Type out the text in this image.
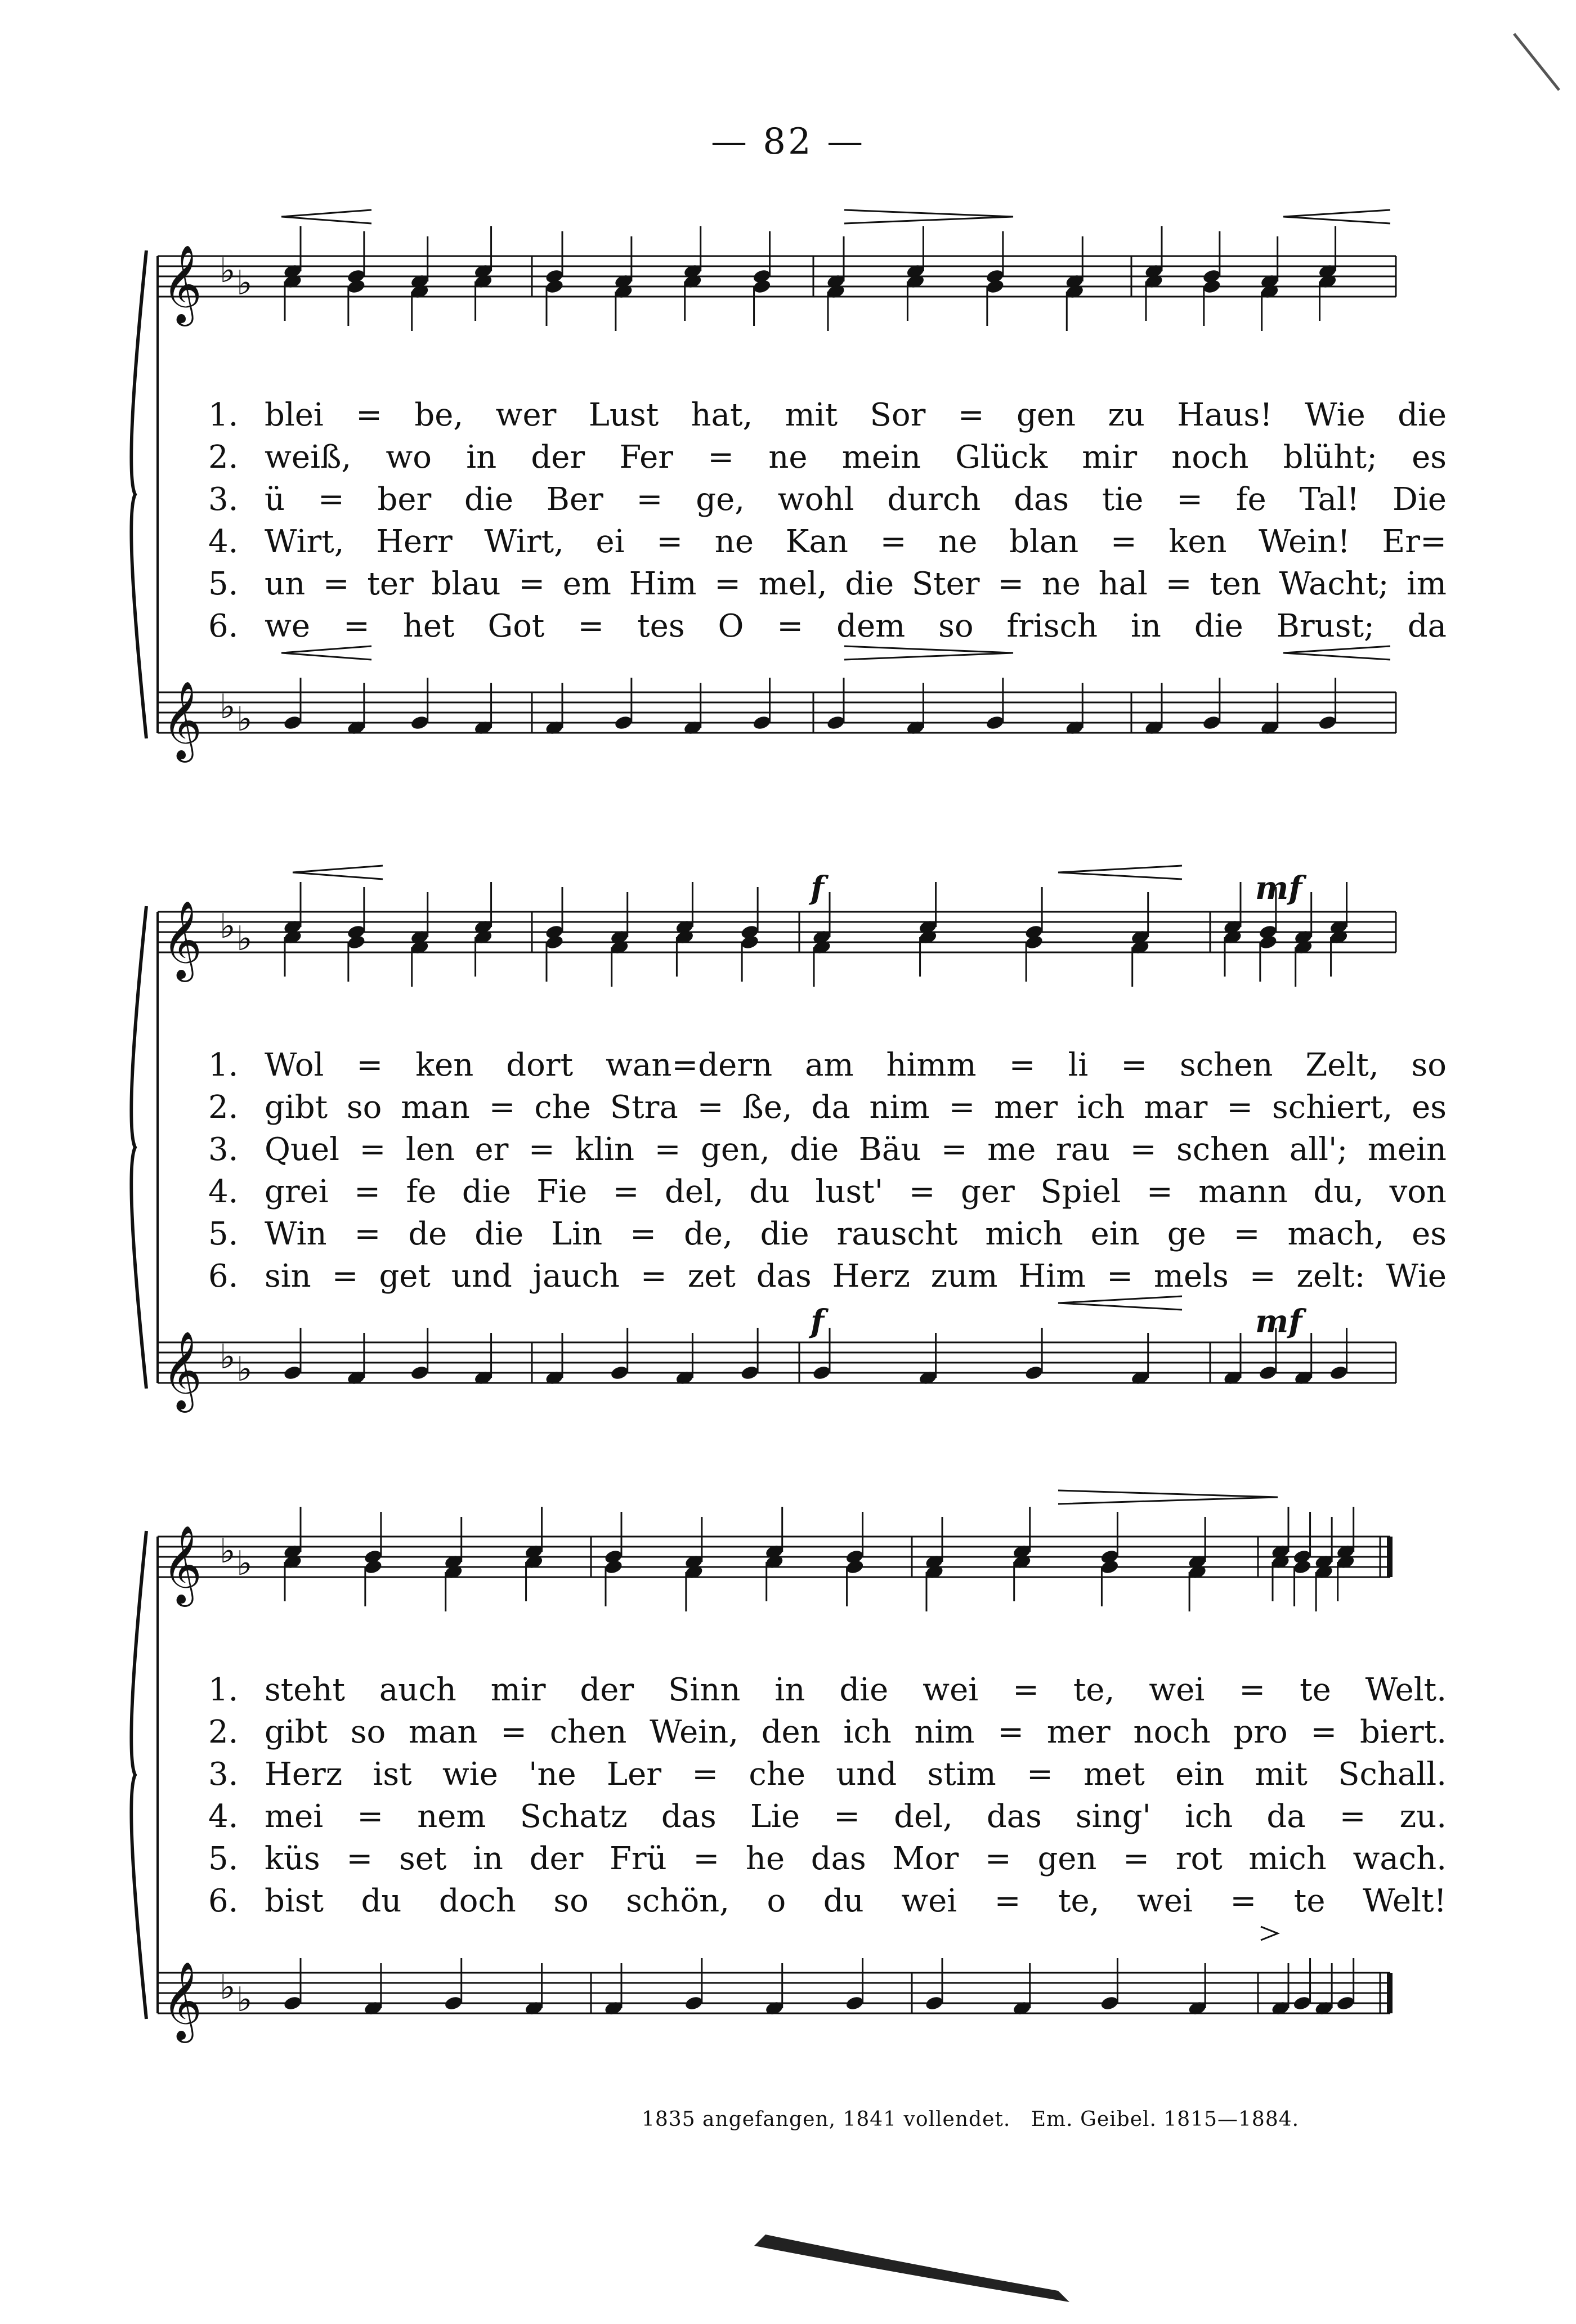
— 82 —
𝄞 ♭ ♭
𝄞 ♭ ♭
𝄞 ♭ ♭
𝄞 ♭ ♭
𝄞 ♭ ♭
𝄞 ♭ ♭
1. blei = be, wer Lust hat, mit Sor = gen zu Haus! Wie die
2. weiß, wo in der Fer = ne mein Glück mir noch blüht; es
3. ü = ber die Ber = ge, wohl durch das tie = fe Tal! Die
4. Wirt, Herr Wirt, ei = ne Kan = ne blan = ken Wein! Er=
5. un = ter blau = em Him = mel, die Ster = ne hal = ten Wacht; im
6. we = het Got = tes O = dem so frisch in die Brust; da
1. Wol = ken dort wan=dern am himm = li = schen Zelt, so
2. gibt so man = che Stra = ße, da nim = mer ich mar = schiert, es
3. Quel = len er = klin = gen, die Bäu = me rau = schen all'; mein
4. grei = fe die Fie = del, du lust' = ger Spiel = mann du, von
5. Win = de die Lin = de, die rauscht mich ein ge = mach, es
6. sin = get und jauch = zet das Herz zum Him = mels = zelt: Wie
1. steht auch mir der Sinn in die wei = te, wei = te Welt.
2. gibt so man = chen Wein, den ich nim = mer noch pro = biert.
3. Herz ist wie 'ne Ler = che und stim = met ein mit Schall.
4. mei = nem Schatz das Lie = del, das sing' ich da = zu.
5. küs = set in der Frü = he das Mor = gen = rot mich wach.
6. bist du doch so schön, o du wei = te, wei = te Welt!
f	mf
f	mf
1835 angefangen, 1841 vollendet. Em. Geibel. 1815—1884.
